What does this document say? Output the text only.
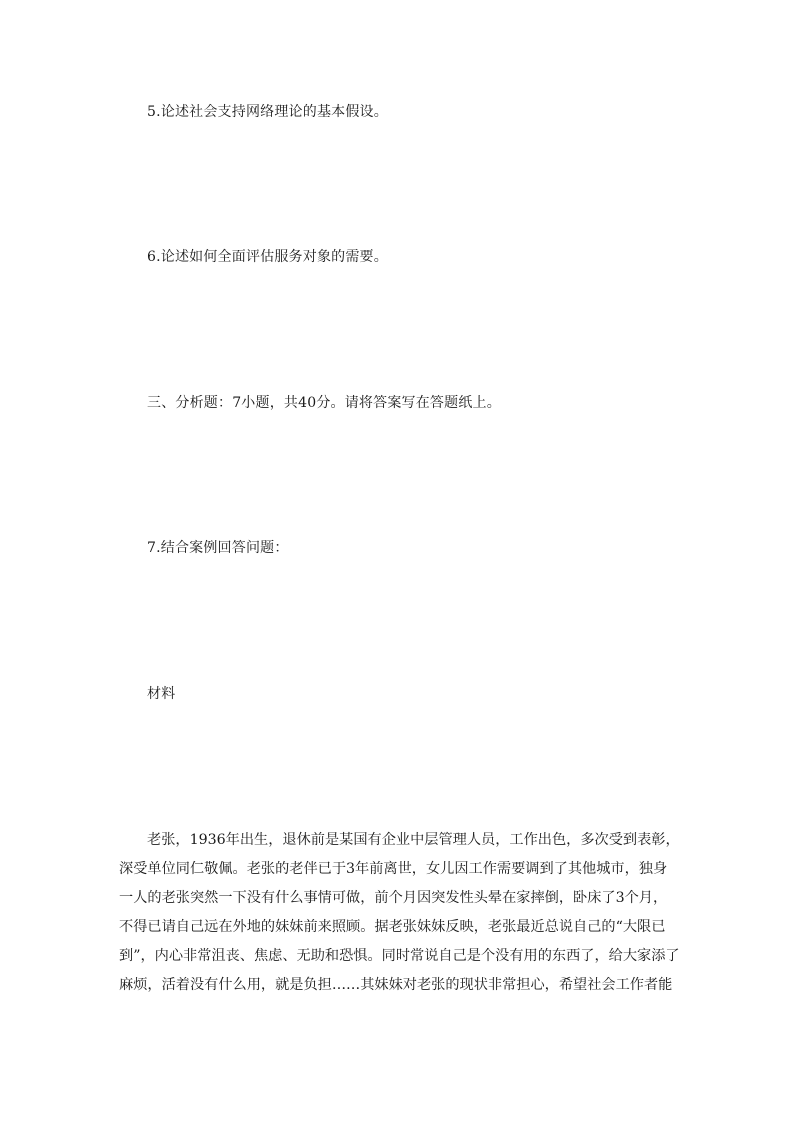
5.论述社会支持网络理论的基本假设。
6.论述如何全面评估服务对象的需要。
三、分析题：7小题，共40分。请将答案写在答题纸上。
7.结合案例回答问题：
材料

老张，1936年出生，退休前是某国有企业中层管理人员，工作出色，多次受到表彰，

深受单位同仁敬佩。老张的老伴已于3年前离世，女儿因工作需要调到了其他城市，独身

一人的老张突然一下没有什么事情可做，前个月因突发性头晕在家摔倒，卧床了3个月，

不得已请自己远在外地的妹妹前来照顾。据老张妹妹反映，老张最近总说自己的“大限已

到”，内心非常沮丧、焦虑、无助和恐惧。同时常说自己是个没有用的东西了，给大家添了

麻烦，活着没有什么用，就是负担……其妹妹对老张的现状非常担心，希望社会工作者能
